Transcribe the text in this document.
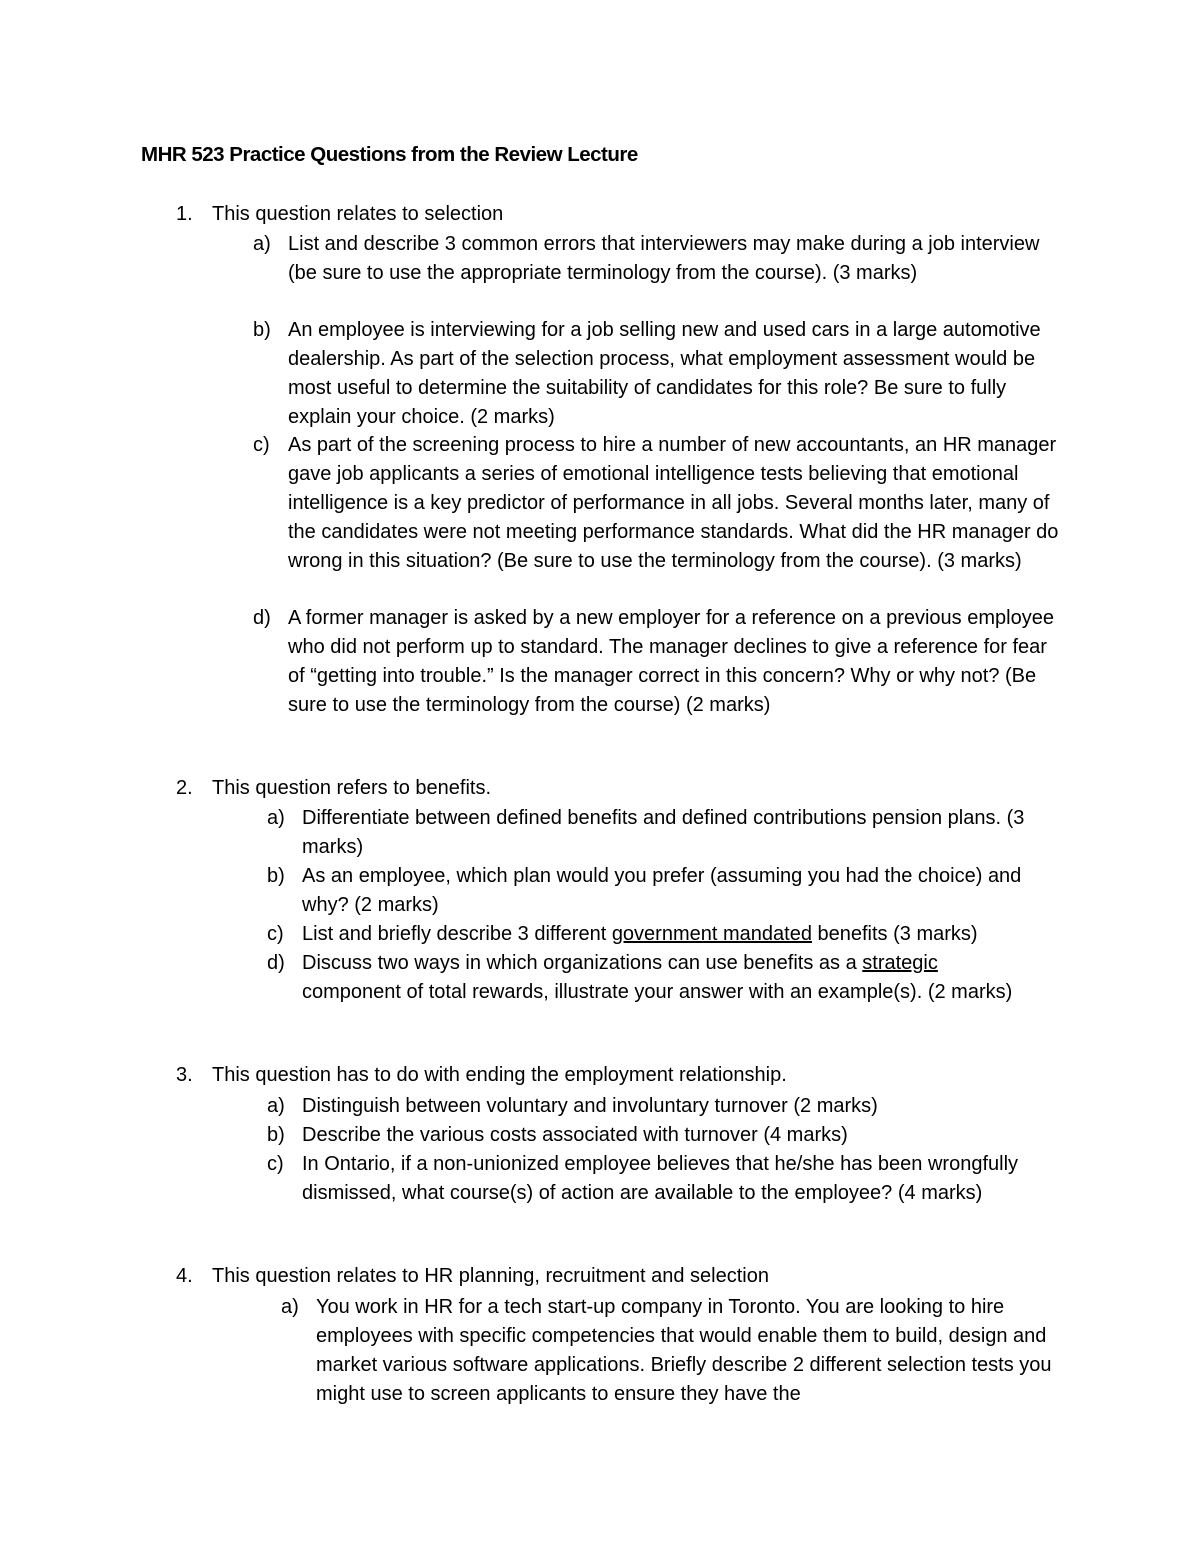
MHR 523 Practice Questions from the Review Lecture
1. This question relates to selection
a) List and describe 3 common errors that interviewers may make during a job interview (be sure to use the appropriate terminology from the course). (3 marks)
b) An employee is interviewing for a job selling new and used cars in a large automotive dealership. As part of the selection process, what employment assessment would be most useful to determine the suitability of candidates for this role? Be sure to fully explain your choice. (2 marks)
c) As part of the screening process to hire a number of new accountants, an HR manager gave job applicants a series of emotional intelligence tests believing that emotional intelligence is a key predictor of performance in all jobs. Several months later, many of the candidates were not meeting performance standards. What did the HR manager do wrong in this situation? (Be sure to use the terminology from the course). (3 marks)
d) A former manager is asked by a new employer for a reference on a previous employee who did not perform up to standard. The manager declines to give a reference for fear of “getting into trouble.” Is the manager correct in this concern? Why or why not? (Be sure to use the terminology from the course) (2 marks)
2. This question refers to benefits.
a) Differentiate between defined benefits and defined contributions pension plans. (3 marks)
b) As an employee, which plan would you prefer (assuming you had the choice) and why? (2 marks)
c) List and briefly describe 3 different government mandated benefits (3 marks)
d) Discuss two ways in which organizations can use benefits as a strategic component of total rewards, illustrate your answer with an example(s). (2 marks)
3. This question has to do with ending the employment relationship.
a) Distinguish between voluntary and involuntary turnover (2 marks)
b) Describe the various costs associated with turnover (4 marks)
c) In Ontario, if a non-unionized employee believes that he/she has been wrongfully dismissed, what course(s) of action are available to the employee? (4 marks)
4. This question relates to HR planning, recruitment and selection
a) You work in HR for a tech start-up company in Toronto. You are looking to hire employees with specific competencies that would enable them to build, design and market various software applications. Briefly describe 2 different selection tests you might use to screen applicants to ensure they have the
